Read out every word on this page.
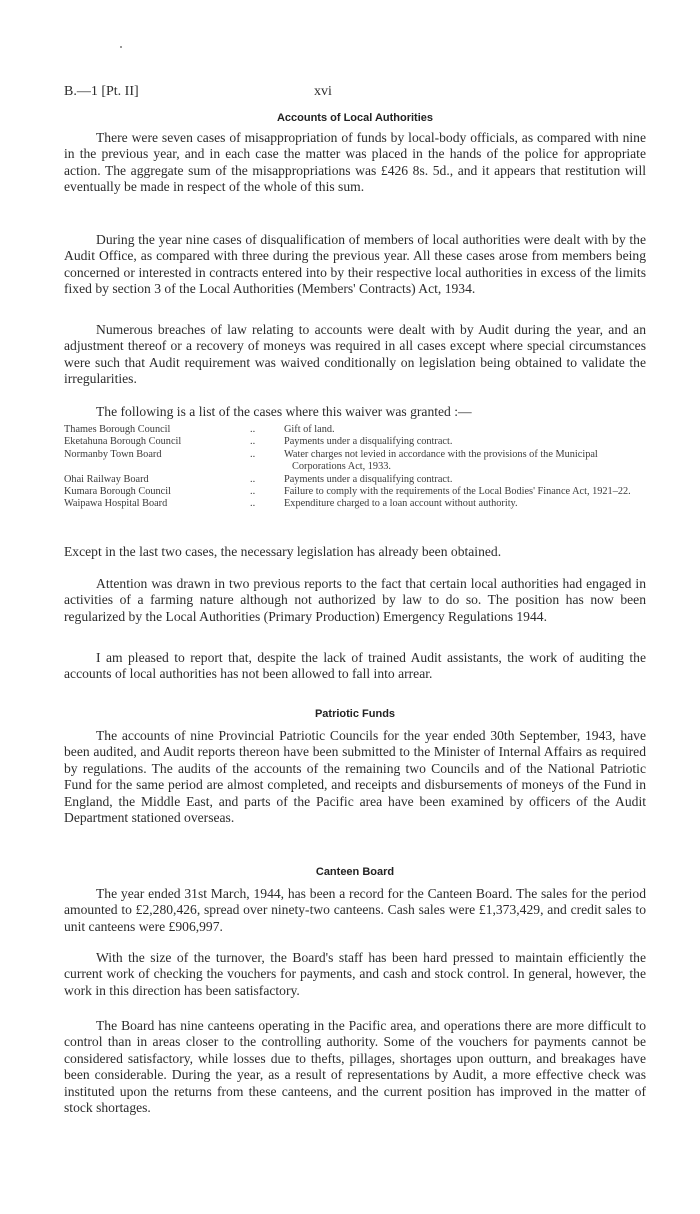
B.—1 [Pt. II]	xvi
Accounts of Local Authorities

There were seven cases of misappropriation of funds by local-body officials, as compared with nine in the previous year, and in each case the matter was placed in the hands of the police for appropriate action. The aggregate sum of the misappropriations was £426 8s. 5d., and it appears that restitution will eventually be made in respect of the whole of this sum.

During the year nine cases of disqualification of members of local authorities were dealt with by the Audit Office, as compared with three during the previous year. All these cases arose from members being concerned or interested in contracts entered into by their respective local authorities in excess of the limits fixed by section 3 of the Local Authorities (Members' Contracts) Act, 1934.

Numerous breaches of law relating to accounts were dealt with by Audit during the year, and an adjustment thereof or a recovery of moneys was required in all cases except where special circumstances were such that Audit requirement was waived conditionally on legislation being obtained to validate the irregularities.

The following is a list of the cases where this waiver was granted :—

Thames Borough Council	..	Gift of land.
Eketahuna Borough Council	..	Payments under a disqualifying contract.
Normanby Town Board	..	Water charges not levied in accordance with the provisions of the Municipal Corporations Act, 1933.
Ohai Railway Board	..	Payments under a disqualifying contract.
Kumara Borough Council	..	Failure to comply with the requirements of the Local Bodies' Finance Act, 1921–22.
Waipawa Hospital Board	..	Expenditure charged to a loan account without authority.

Except in the last two cases, the necessary legislation has already been obtained.

Attention was drawn in two previous reports to the fact that certain local authorities had engaged in activities of a farming nature although not authorized by law to do so. The position has now been regularized by the Local Authorities (Primary Production) Emergency Regulations 1944.

I am pleased to report that, despite the lack of trained Audit assistants, the work of auditing the accounts of local authorities has not been allowed to fall into arrear.

Patriotic Funds

The accounts of nine Provincial Patriotic Councils for the year ended 30th September, 1943, have been audited, and Audit reports thereon have been submitted to the Minister of Internal Affairs as required by regulations. The audits of the accounts of the remaining two Councils and of the National Patriotic Fund for the same period are almost completed, and receipts and disbursements of moneys of the Fund in England, the Middle East, and parts of the Pacific area have been examined by officers of the Audit Department stationed overseas.

Canteen Board

The year ended 31st March, 1944, has been a record for the Canteen Board. The sales for the period amounted to £2,280,426, spread over ninety-two canteens. Cash sales were £1,373,429, and credit sales to unit canteens were £906,997.

With the size of the turnover, the Board's staff has been hard pressed to maintain efficiently the current work of checking the vouchers for payments, and cash and stock control. In general, however, the work in this direction has been satisfactory.

The Board has nine canteens operating in the Pacific area, and operations there are more difficult to control than in areas closer to the controlling authority. Some of the vouchers for payments cannot be considered satisfactory, while losses due to thefts, pillages, shortages upon outturn, and breakages have been considerable. During the year, as a result of representations by Audit, a more effective check was instituted upon the returns from these canteens, and the current position has improved in the matter of stock shortages.
